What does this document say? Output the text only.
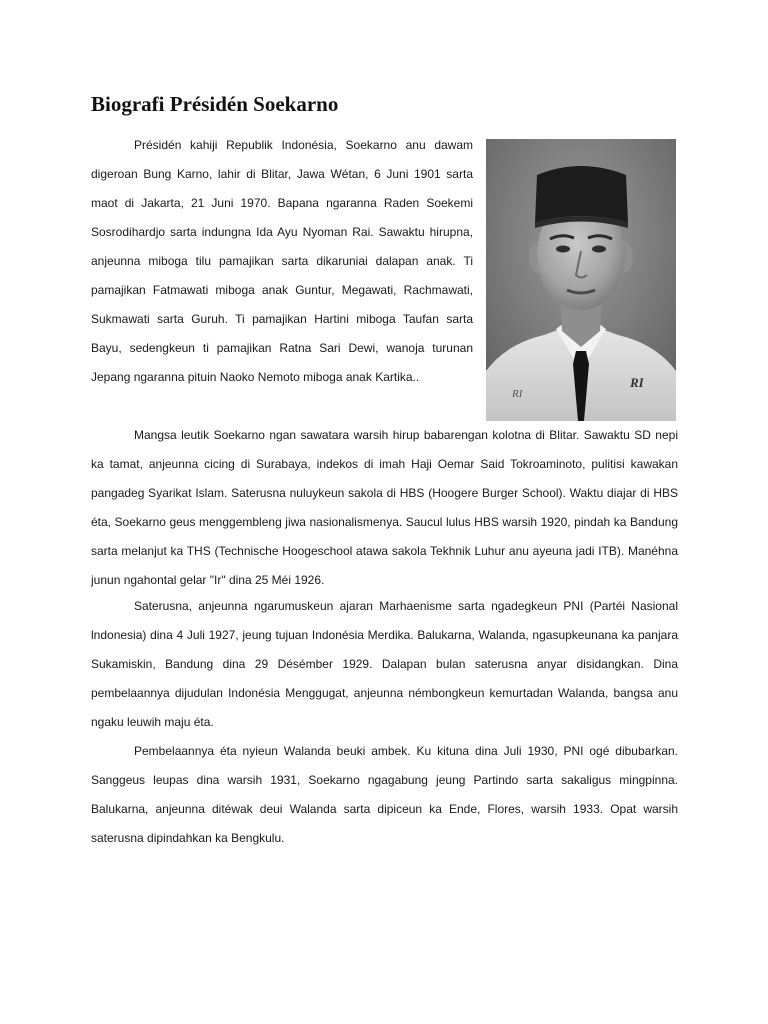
Biografi Présidén Soekarno
RI
RI

Présidén kahiji Republik Indonésia, Soekarno anu dawam digeroan Bung Karno, lahir di Blitar, Jawa Wétan, 6 Juni 1901 sarta maot di Jakarta, 21 Juni 1970. Bapana ngaranna Raden Soekemi Sosrodihardjo sarta indungna Ida Ayu Nyoman Rai. Sawaktu hirupna, anjeunna miboga tilu pamajikan sarta dikaruniai dalapan anak. Ti pamajikan Fatmawati miboga anak Guntur, Megawati, Rachmawati, Sukmawati sarta Guruh. Ti pamajikan Hartini miboga Taufan sarta Bayu, sedengkeun ti pamajikan Ratna Sari Dewi, wanoja turunan Jepang ngaranna pituin Naoko Nemoto miboga anak Kartika..

Mangsa leutik Soekarno ngan sawatara warsih hirup babarengan kolotna di Blitar. Sawaktu SD nepi ka tamat, anjeunna cicing di Surabaya, indekos di imah Haji Oemar Said Tokroaminoto, pulitisi kawakan pangadeg Syarikat Islam. Saterusna nuluykeun sakola di HBS (Hoogere Burger School). Waktu diajar di HBS éta, Soekarno geus menggembleng jiwa nasionalismenya. Saucul lulus HBS warsih 1920, pindah ka Bandung sarta melanjut ka THS (Technische Hoogeschool atawa sakola Tekhnik Luhur anu ayeuna jadi ITB). Manéhna junun ngahontal gelar "Ir" dina 25 Méi 1926.

Saterusna, anjeunna ngarumuskeun ajaran Marhaenisme sarta ngadegkeun PNI (Partéi Nasional lndonesia) dina 4 Juli 1927, jeung tujuan Indonésia Merdika. Balukarna, Walanda, ngasupkeunana ka panjara Sukamiskin, Bandung dina 29 Désémber 1929. Dalapan bulan saterusna anyar disidangkan. Dina pembelaannya dijudulan Indonésia Menggugat, anjeunna némbongkeun kemurtadan Walanda, bangsa anu ngaku leuwih maju éta.

Pembelaannya éta nyieun Walanda beuki ambek. Ku kituna dina Juli 1930, PNI ogé dibubarkan. Sanggeus leupas dina warsih 1931, Soekarno ngagabung jeung Partindo sarta sakaligus mingpinna. Balukarna, anjeunna ditéwak deui Walanda sarta dipiceun ka Ende, Flores, warsih 1933. Opat warsih saterusna dipindahkan ka Bengkulu.
